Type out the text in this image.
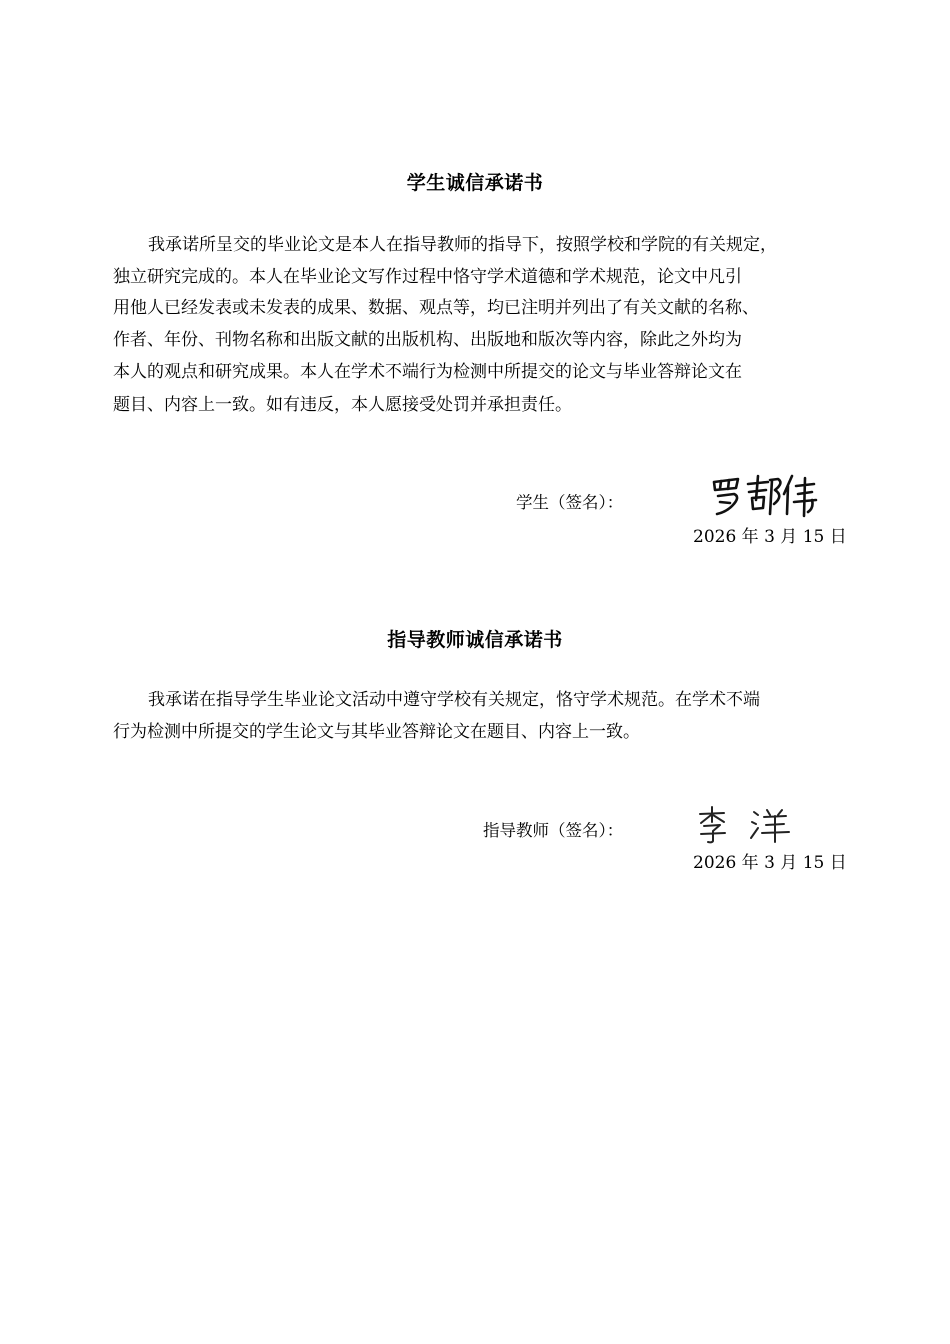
学生诚信承诺书
我承诺所呈交的毕业论文是本人在指导教师的指导下，按照学校和学院的有关规定，
独立研究完成的。本人在毕业论文写作过程中恪守学术道德和学术规范，论文中凡引
用他人已经发表或未发表的成果、数据、观点等，均已注明并列出了有关文献的名称、
作者、年份、刊物名称和出版文献的出版机构、出版地和版次等内容，除此之外均为
本人的观点和研究成果。本人在学术不端行为检测中所提交的论文与毕业答辩论文在
题目、内容上一致。如有违反，本人愿接受处罚并承担责任。
学生（签名）：
2026 年 3 月 15 日
指导教师诚信承诺书
我承诺在指导学生毕业论文活动中遵守学校有关规定，恪守学术规范。在学术不端
行为检测中所提交的学生论文与其毕业答辩论文在题目、内容上一致。
指导教师（签名）：
2026 年 3 月 15 日
